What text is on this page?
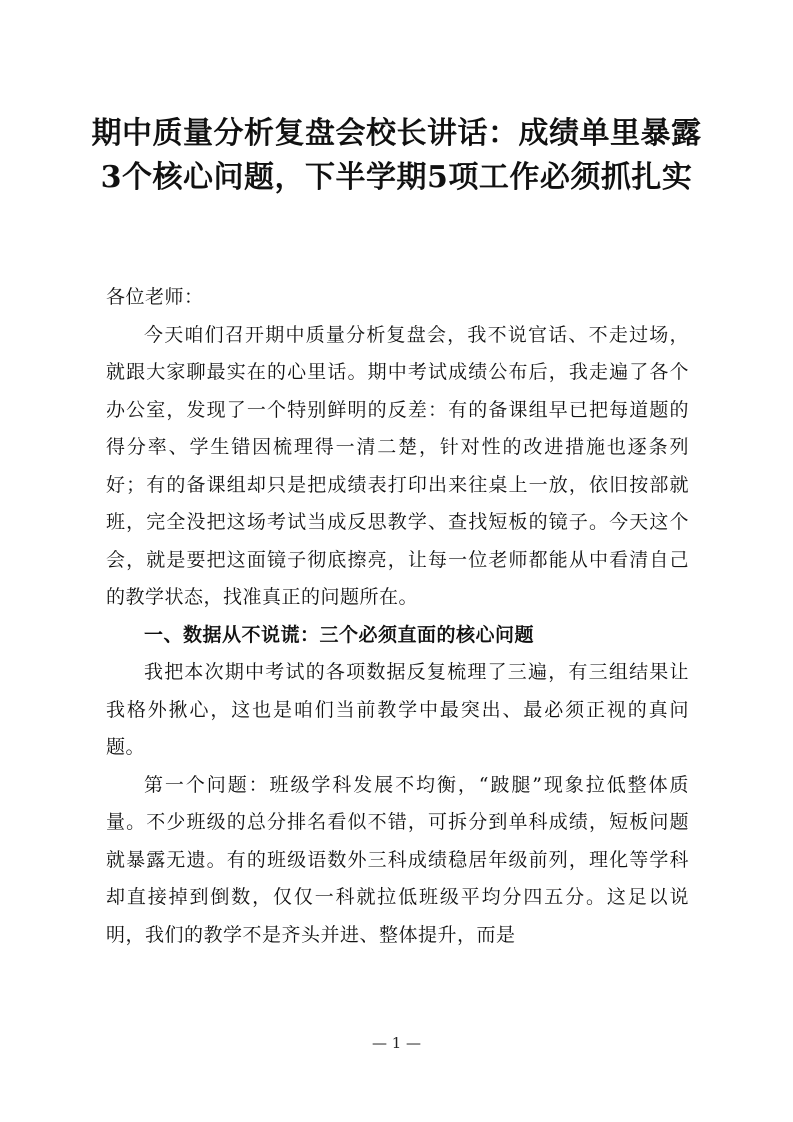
期中质量分析复盘会校长讲话：成绩单里暴露3个核心问题，下半学期5项工作必须抓扎实

各位老师：

今天咱们召开期中质量分析复盘会，我不说官话、不走过场，就跟大家聊最实在的心里话。期中考试成绩公布后，我走遍了各个办公室，发现了一个特别鲜明的反差：有的备课组早已把每道题的得分率、学生错因梳理得一清二楚，针对性的改进措施也逐条列好；有的备课组却只是把成绩表打印出来往桌上一放，依旧按部就班，完全没把这场考试当成反思教学、查找短板的镜子。今天这个会，就是要把这面镜子彻底擦亮，让每一位老师都能从中看清自己的教学状态，找准真正的问题所在。

一、数据从不说谎：三个必须直面的核心问题

我把本次期中考试的各项数据反复梳理了三遍，有三组结果让我格外揪心，这也是咱们当前教学中最突出、最必须正视的真问题。

第一个问题：班级学科发展不均衡，“跛腿”现象拉低整体质量。不少班级的总分排名看似不错，可拆分到单科成绩，短板问题就暴露无遗。有的班级语数外三科成绩稳居年级前列，理化等学科却直接掉到倒数，仅仅一科就拉低班级平均分四五分。这足以说明，我们的教学不是齐头并进、整体提升，而是

— 1 —
